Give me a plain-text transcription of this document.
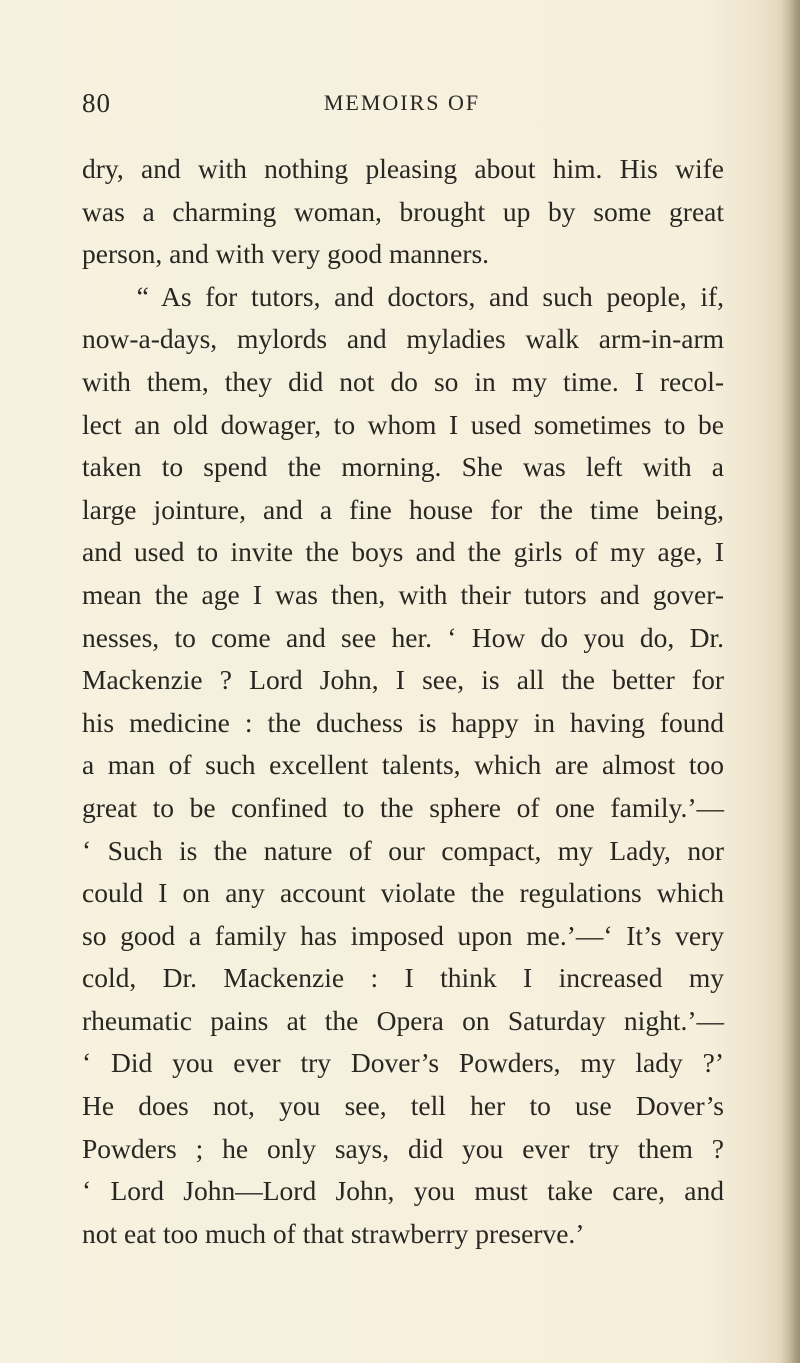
80	MEMOIRS OF
dry, and with nothing pleasing about him. His wife
was a charming woman, brought up by some great
person, and with very good manners.
“ As for tutors, and doctors, and such people, if,
now-a-days, mylords and myladies walk arm-in-arm
with them, they did not do so in my time. I recol-
lect an old dowager, to whom I used sometimes to be
taken to spend the morning. She was left with a
large jointure, and a fine house for the time being,
and used to invite the boys and the girls of my age, I
mean the age I was then, with their tutors and gover-
nesses, to come and see her. ‘ How do you do, Dr.
Mackenzie ? Lord John, I see, is all the better for
his medicine : the duchess is happy in having found
a man of such excellent talents, which are almost too
great to be confined to the sphere of one family.’—
‘ Such is the nature of our compact, my Lady, nor
could I on any account violate the regulations which
so good a family has imposed upon me.’—‘ It’s very
cold, Dr. Mackenzie : I think I increased my
rheumatic pains at the Opera on Saturday night.’—
‘ Did you ever try Dover’s Powders, my lady ?’
He does not, you see, tell her to use Dover’s
Powders ; he only says, did you ever try them ?
‘ Lord John—Lord John, you must take care, and
not eat too much of that strawberry preserve.’
